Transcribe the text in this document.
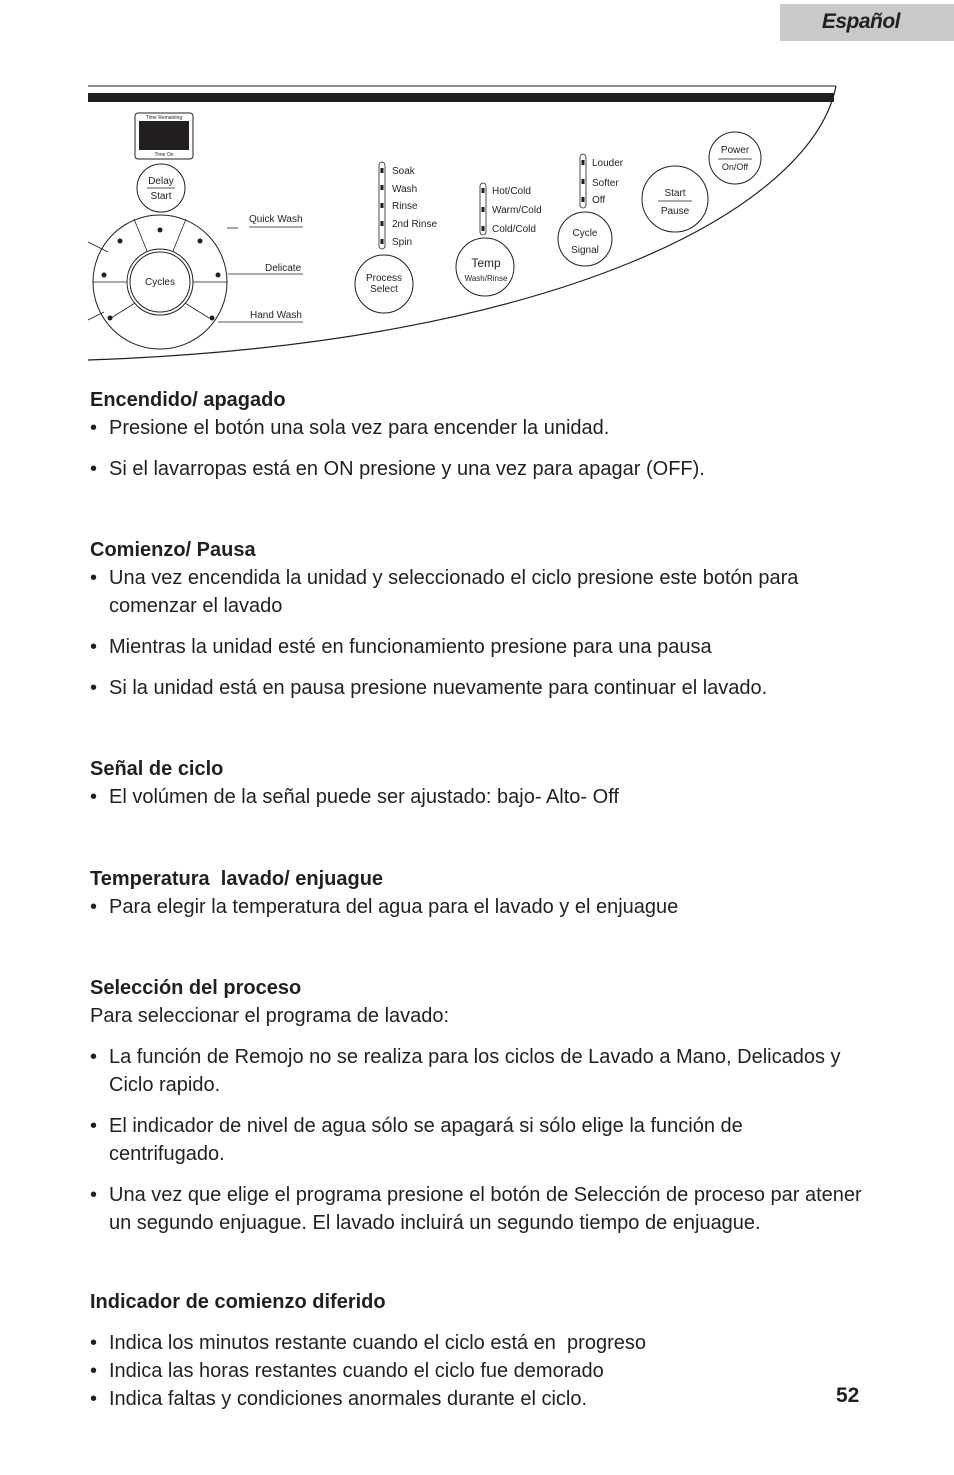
Español
Time Remaining
Time On
Delay
Start
Cycles
Quick Wash
Delicate
Hand Wash
Soak
Wash
Rinse
2nd Rinse
Spin
Process
Select
Hot/Cold
Warm/Cold
Cold/Cold
Temp
Wash/Rinse
Louder
Softer
Off
Cycle
Signal
Start
Pause
Power
On/Off
Encendido/ apagado
• Presione el botón una sola vez para encender la unidad.
• Si el lavarropas está en ON presione y una vez para apagar (OFF).
Comienzo/ Pausa
• Una vez encendida la unidad y seleccionado el ciclo presione este botón para comenzar el lavado
• Mientras la unidad esté en funcionamiento presione para una pausa
• Si la unidad está en pausa presione nuevamente para continuar el lavado.
Señal de ciclo
• El volúmen de la señal puede ser ajustado: bajo- Alto- Off
Temperatura  lavado/ enjuague
• Para elegir la temperatura del agua para el lavado y el enjuague
Selección del proceso

Para seleccionar el programa de lavado:

• La función de Remojo no se realiza para los ciclos de Lavado a Mano, Delicados y Ciclo rapido.
• El indicador de nivel de agua sólo se apagará si sólo elige la función de centrifugado.
• Una vez que elige el programa presione el botón de Selección de proceso par atener un segundo enjuague. El lavado incluirá un segundo tiempo de enjuague.
Indicador de comienzo diferido
• Indica los minutos restante cuando el ciclo está en  progreso
• Indica las horas restantes cuando el ciclo fue demorado
• Indica faltas y condiciones anormales durante el ciclo.	52
